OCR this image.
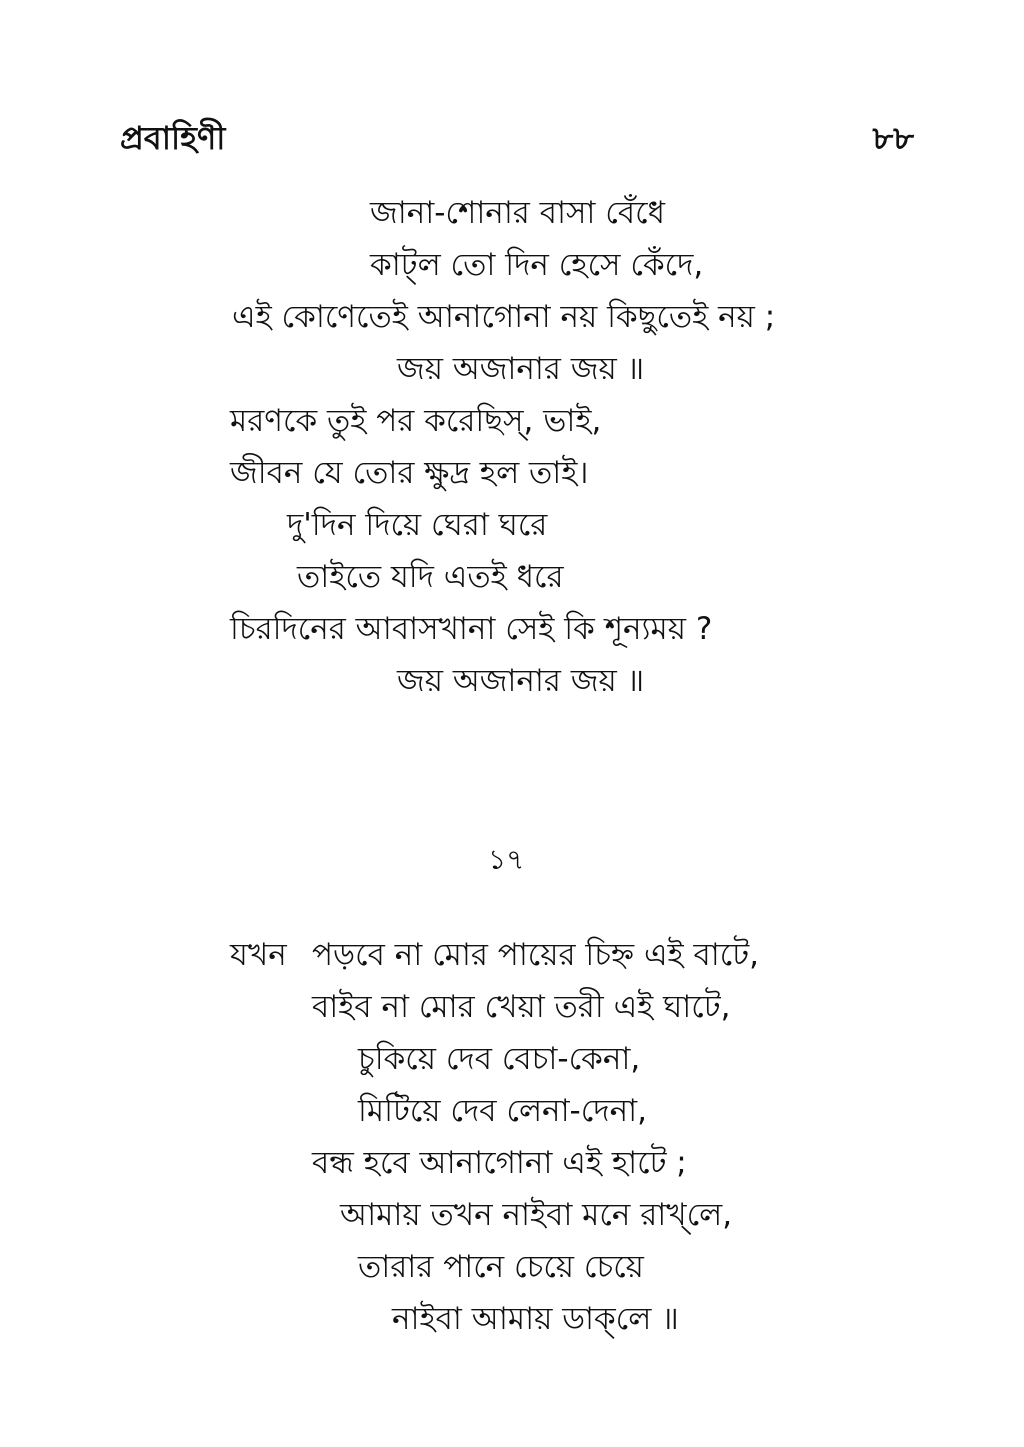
প্রবাহিণী	৮৮
জানা-শোনার বাসা বেঁধে
কাট্‌ল তো দিন হেসে কেঁদে,
এই কোণেতেই আনাগোনা নয় কিছুতেই নয় ;
জয় অজানার জয় ॥
মরণকে তুই পর করেছিস্‌, ভাই,
জীবন যে তোর ক্ষুদ্র হল তাই।
দু'দিন দিয়ে ঘেরা ঘরে
তাইতে যদি এতই ধরে
চিরদিনের আবাসখানা সেই কি শূন্যময় ?
জয় অজানার জয় ॥
১৭
যখন পড়বে না মোর পায়ের চিহ্ন এই বাটে,
বাইব না মোর খেয়া তরী এই ঘাটে,
চুকিয়ে দেব বেচা-কেনা,
মিটিয়ে দেব লেনা-দেনা,
বন্ধ হবে আনাগোনা এই হাটে ;
আমায় তখন নাইবা মনে রাখ্‌লে,
তারার পানে চেয়ে চেয়ে
নাইবা আমায় ডাক্‌লে ॥
